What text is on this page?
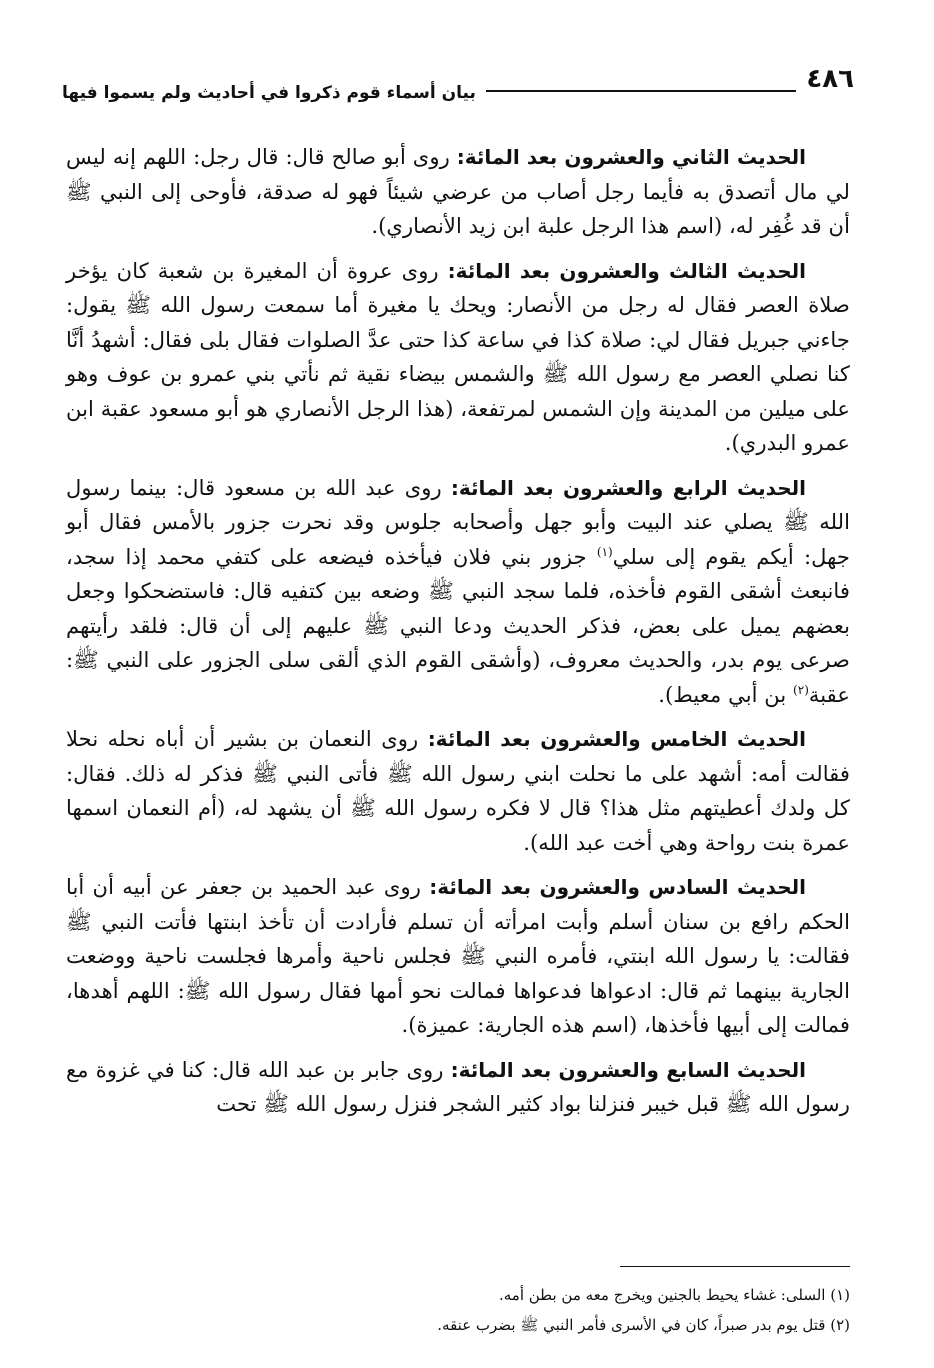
٤٨٦
بيان أسماء قوم ذكروا في أحاديث ولم يسموا فيها

الحديث الثاني والعشرون بعد المائة: روى أبو صالح قال: قال رجل: اللهم إنه ليس لي مال أتصدق به فأيما رجل أصاب من عرضي شيئاً فهو له صدقة، فأوحى إلى النبي ﷺ أن قد غُفِر له، (اسم هذا الرجل علبة ابن زيد الأنصاري).

الحديث الثالث والعشرون بعد المائة: روى عروة أن المغيرة بن شعبة كان يؤخر صلاة العصر فقال له رجل من الأنصار: ويحك يا مغيرة أما سمعت رسول الله ﷺ يقول: جاءني جبريل فقال لي: صلاة كذا في ساعة كذا حتى عدَّ الصلوات فقال بلى فقال: أشهدُ أنَّا كنا نصلي العصر مع رسول الله ﷺ والشمس بيضاء نقية ثم نأتي بني عمرو بن عوف وهو على ميلين من المدينة وإن الشمس لمرتفعة، (هذا الرجل الأنصاري هو أبو مسعود عقبة ابن عمرو البدري).

الحديث الرابع والعشرون بعد المائة: روى عبد الله بن مسعود قال: بينما رسول الله ﷺ يصلي عند البيت وأبو جهل وأصحابه جلوس وقد نحرت جزور بالأمس فقال أبو جهل: أيكم يقوم إلى سلي$^{(١)}$ جزور بني فلان فيأخذه فيضعه على كتفي محمد إذا سجد، فانبعث أشقى القوم فأخذه، فلما سجد النبي ﷺ وضعه بين كتفيه قال: فاستضحكوا وجعل بعضهم يميل على بعض، فذكر الحديث ودعا النبي ﷺ عليهم إلى أن قال: فلقد رأيتهم صرعى يوم بدر، والحديث معروف، (وأشقى القوم الذي ألقى سلى الجزور على النبي ﷺ: عقبة$^{(٢)}$ بن أبي معيط).

الحديث الخامس والعشرون بعد المائة: روى النعمان بن بشير أن أباه نحله نحلا فقالت أمه: أشهد على ما نحلت ابني رسول الله ﷺ فأتى النبي ﷺ فذكر له ذلك. فقال: كل ولدك أعطيتهم مثل هذا؟ قال لا فكره رسول الله ﷺ أن يشهد له، (أم النعمان اسمها عمرة بنت رواحة وهي أخت عبد الله).

الحديث السادس والعشرون بعد المائة: روى عبد الحميد بن جعفر عن أبيه أن أبا الحكم رافع بن سنان أسلم وأبت امرأته أن تسلم فأرادت أن تأخذ ابنتها فأتت النبي ﷺ فقالت: يا رسول الله ابنتي، فأمره النبي ﷺ فجلس ناحية وأمرها فجلست ناحية ووضعت الجارية بينهما ثم قال: ادعواها فدعواها فمالت نحو أمها فقال رسول الله ﷺ: اللهم أهدها، فمالت إلى أبيها فأخذها، (اسم هذه الجارية: عميزة).

الحديث السابع والعشرون بعد المائة: روى جابر بن عبد الله قال: كنا في غزوة مع رسول الله ﷺ قبل خيبر فنزلنا بواد كثير الشجر فنزل رسول الله ﷺ تحت

(١) السلى: غشاء يحيط بالجنين ويخرج معه من بطن أمه.

(٢) قتل يوم بدر صبراً، كان في الأسرى فأمر النبي ﷺ بضرب عنقه.
